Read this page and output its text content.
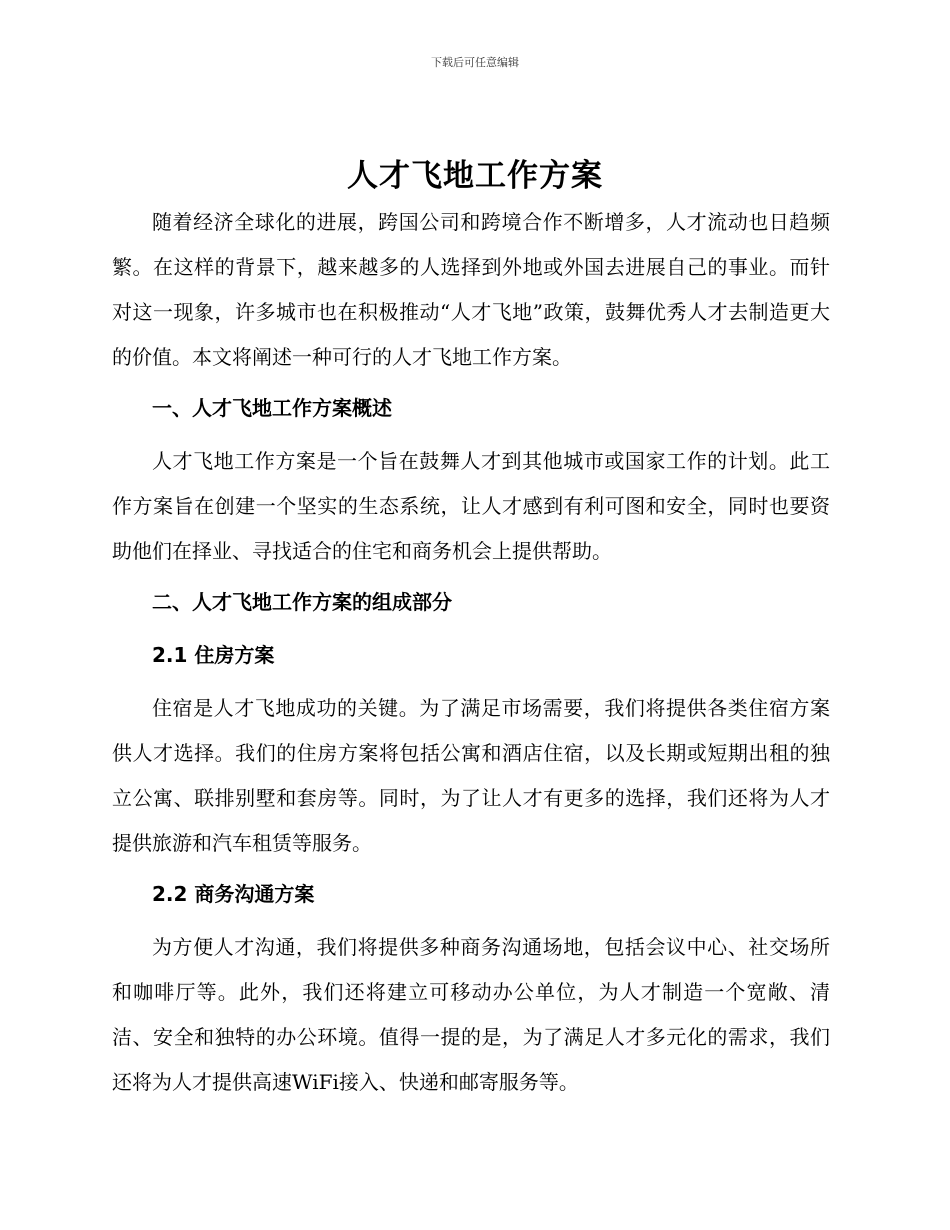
下载后可任意编辑
人才飞地工作方案

随着经济全球化的进展，跨国公司和跨境合作不断增多，人才流动也日趋频繁。在这样的背景下，越来越多的人选择到外地或外国去进展自己的事业。而针对这一现象，许多城市也在积极推动“人才飞地”政策，鼓舞优秀人才去制造更大的价值。本文将阐述一种可行的人才飞地工作方案。

一、人才飞地工作方案概述

人才飞地工作方案是一个旨在鼓舞人才到其他城市或国家工作的计划。此工作方案旨在创建一个坚实的生态系统，让人才感到有利可图和安全，同时也要资助他们在择业、寻找适合的住宅和商务机会上提供帮助。

二、人才飞地工作方案的组成部分

2.1 住房方案

住宿是人才飞地成功的关键。为了满足市场需要，我们将提供各类住宿方案供人才选择。我们的住房方案将包括公寓和酒店住宿，以及长期或短期出租的独立公寓、联排别墅和套房等。同时，为了让人才有更多的选择，我们还将为人才提供旅游和汽车租赁等服务。

2.2 商务沟通方案

为方便人才沟通，我们将提供多种商务沟通场地，包括会议中心、社交场所和咖啡厅等。此外，我们还将建立可移动办公单位，为人才制造一个宽敞、清洁、安全和独特的办公环境。值得一提的是，为了满足人才多元化的需求，我们还将为人才提供高速WiFi接入、快递和邮寄服务等。
